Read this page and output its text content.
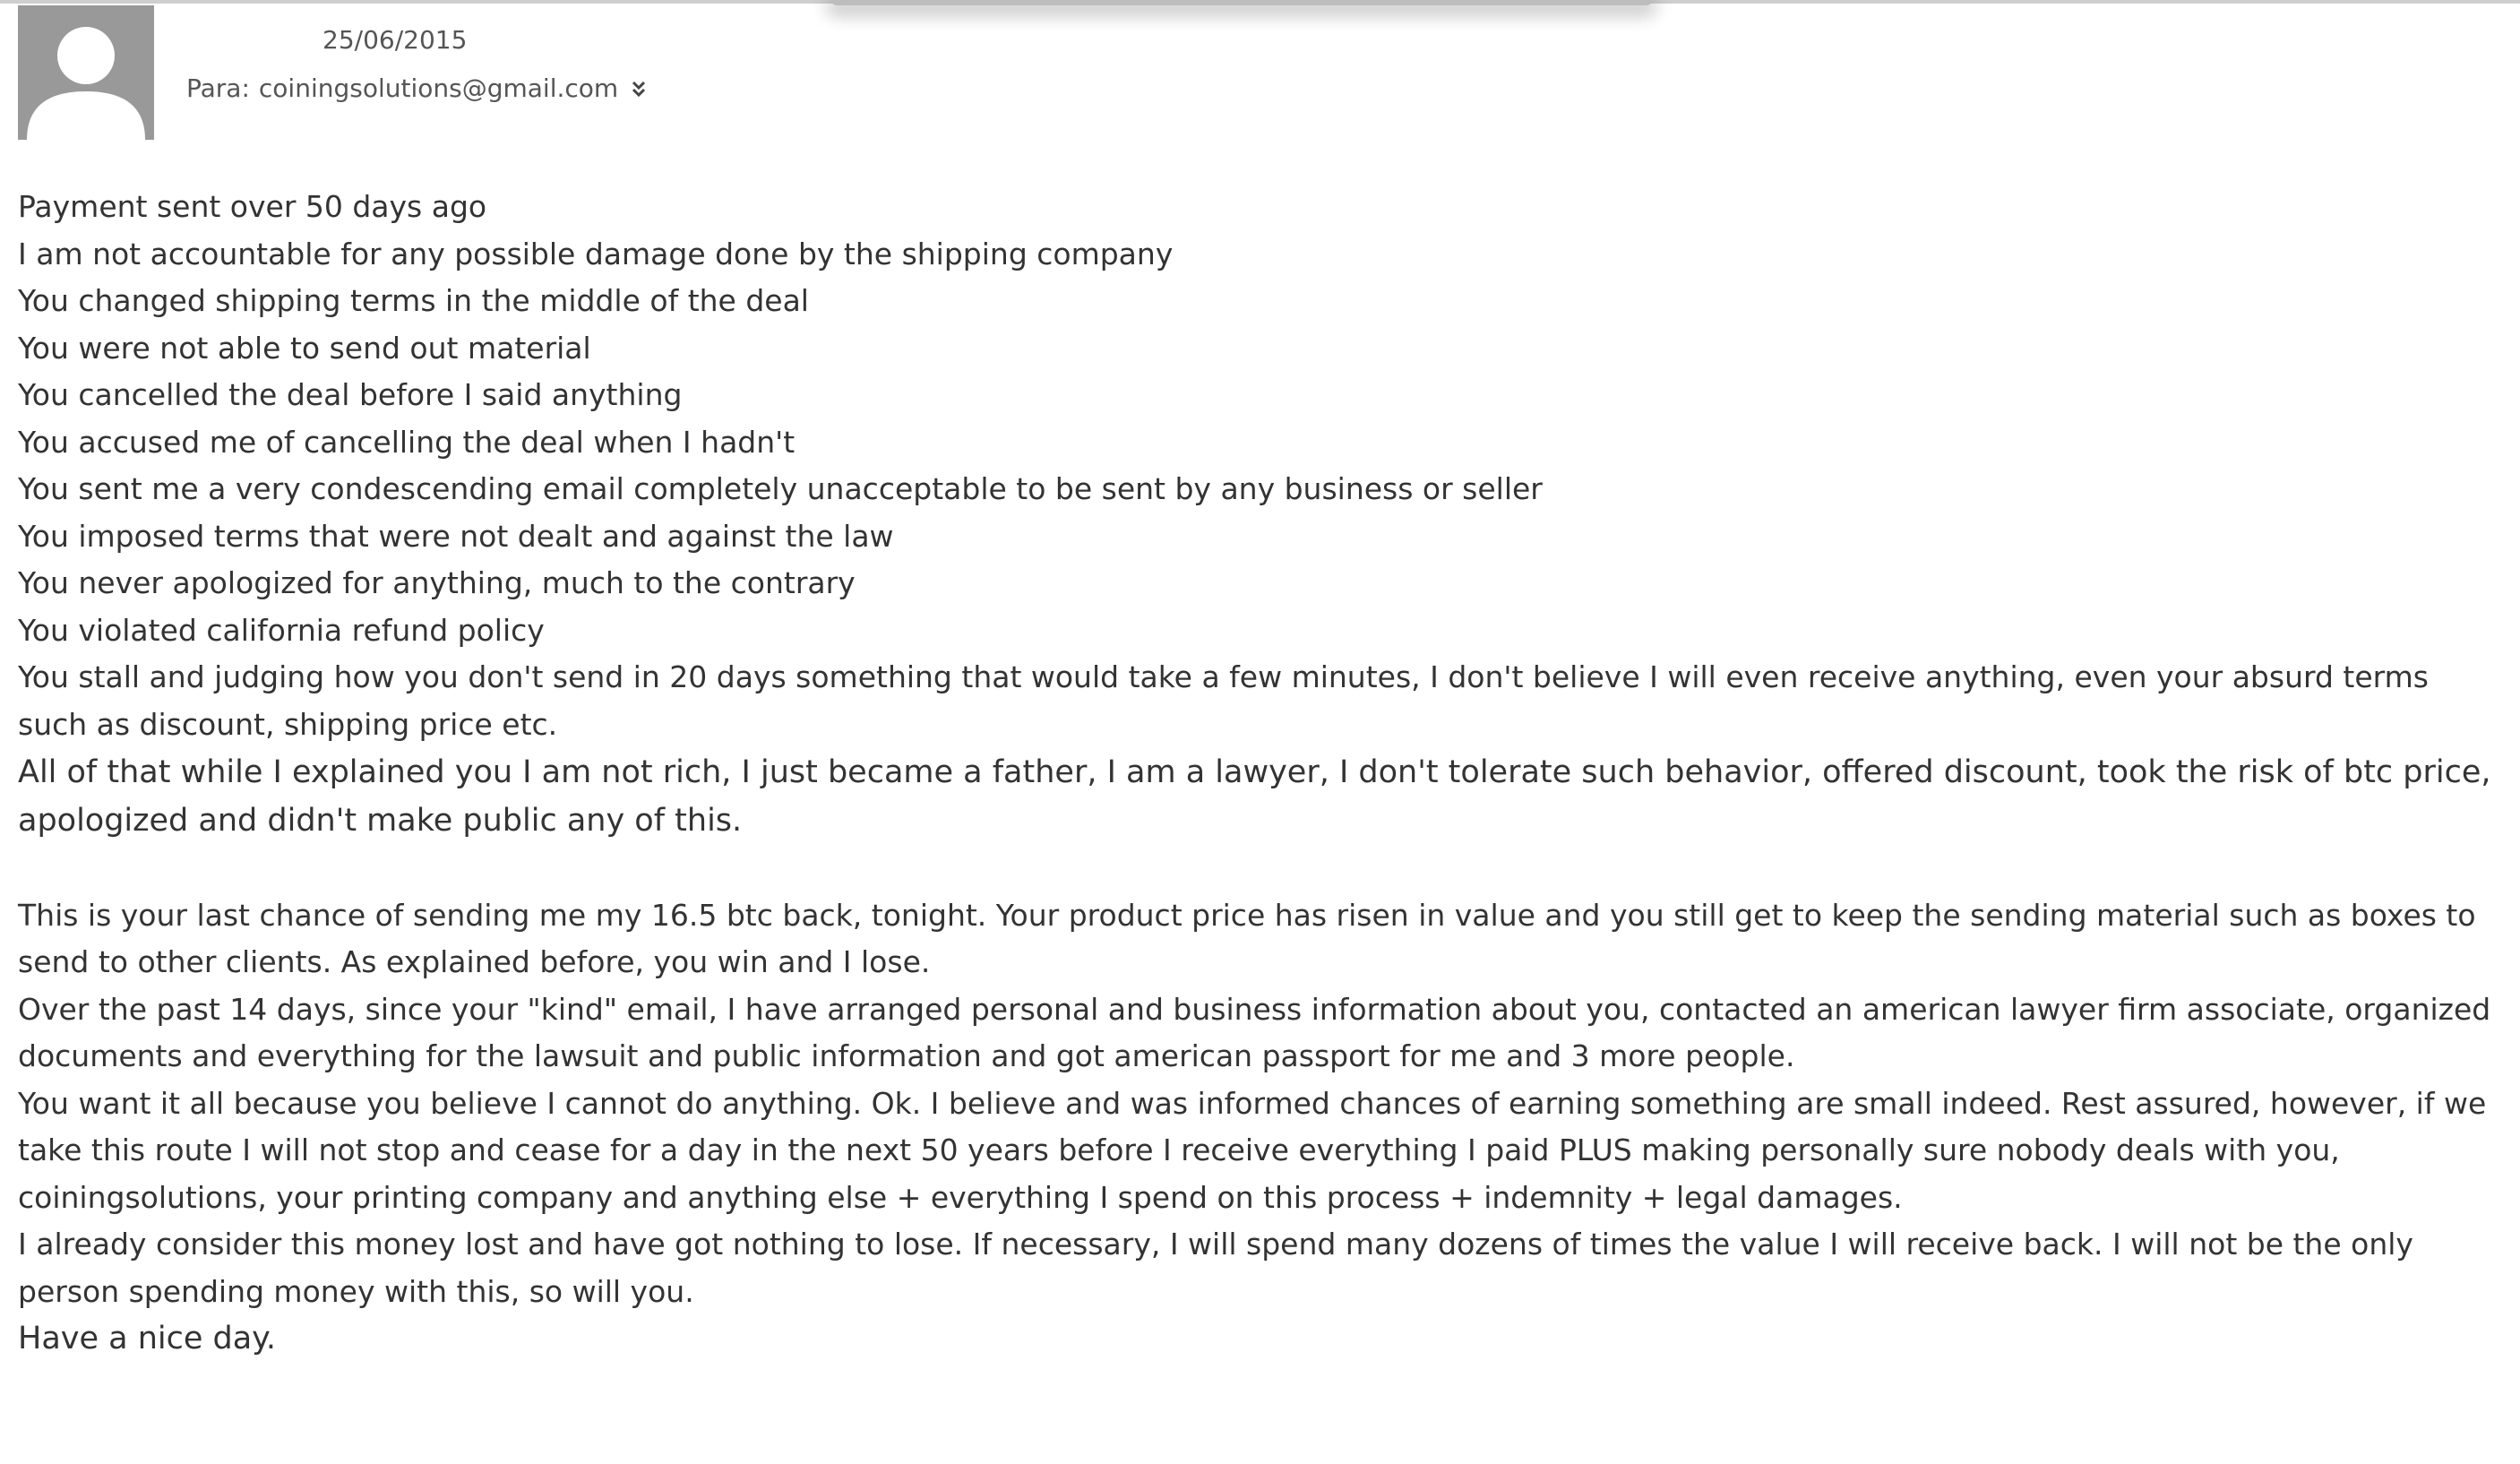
25/06/2015
Para: coiningsolutions@gmail.com

Payment sent over 50 days ago

I am not accountable for any possible damage done by the shipping company

You changed shipping terms in the middle of the deal

You were not able to send out material

You cancelled the deal before I said anything

You accused me of cancelling the deal when I hadn't

You sent me a very condescending email completely unacceptable to be sent by any business or seller

You imposed terms that were not dealt and against the law

You never apologized for anything, much to the contrary

You violated california refund policy

You stall and judging how you don't send in 20 days something that would take a few minutes, I don't believe I will even receive anything, even your absurd terms such as discount, shipping price etc.

All of that while I explained you I am not rich, I just became a father, I am a lawyer, I don't tolerate such behavior, offered discount, took the risk of btc price, apologized and didn't make public any of this.

This is your last chance of sending me my 16.5 btc back, tonight. Your product price has risen in value and you still get to keep the sending material such as boxes to send to other clients. As explained before, you win and I lose.

Over the past 14 days, since your "kind" email, I have arranged personal and business information about you, contacted an american lawyer firm associate, organized documents and everything for the lawsuit and public information and got american passport for me and 3 more people.

You want it all because you believe I cannot do anything. Ok. I believe and was informed chances of earning something are small indeed. Rest assured, however, if we take this route I will not stop and cease for a day in the next 50 years before I receive everything I paid PLUS making personally sure nobody deals with you, coiningsolutions, your printing company and anything else + everything I spend on this process + indemnity + legal damages.

I already consider this money lost and have got nothing to lose. If necessary, I will spend many dozens of times the value I will receive back. I will not be the only person spending money with this, so will you.

Have a nice day.
